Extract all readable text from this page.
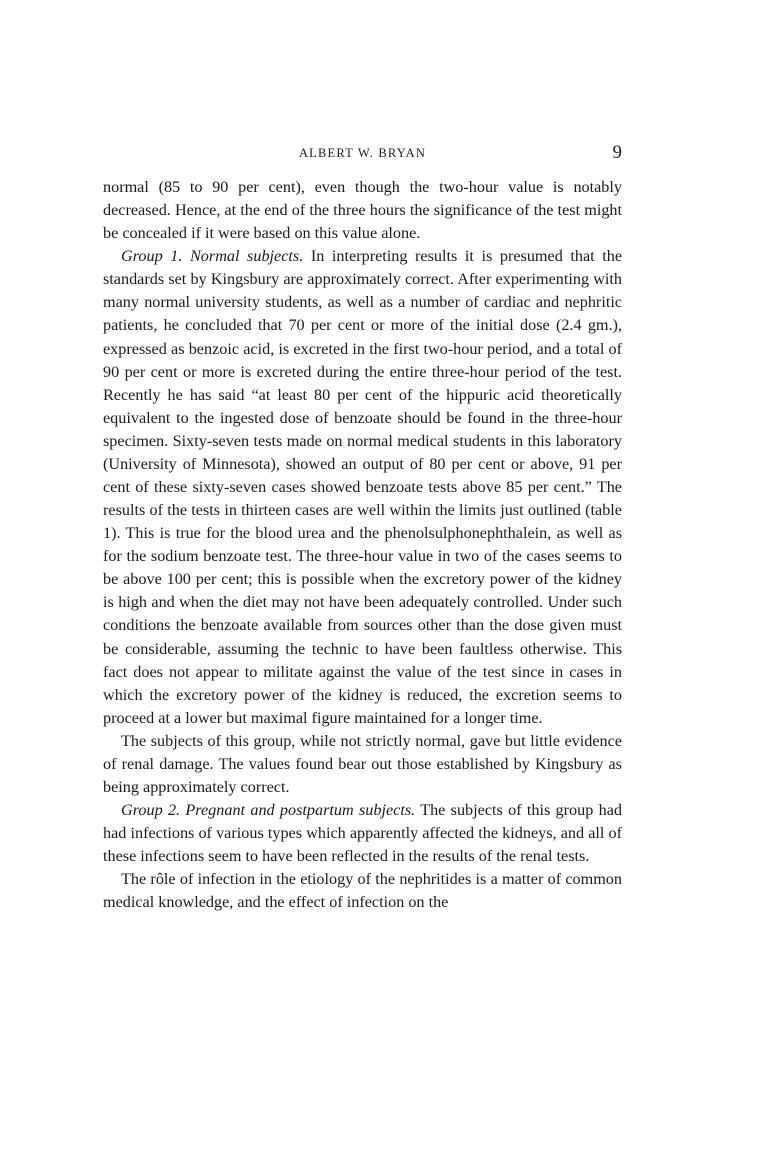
ALBERT W. BRYAN	9

normal (85 to 90 per cent), even though the two-hour value is notably decreased. Hence, at the end of the three hours the significance of the test might be concealed if it were based on this value alone.

Group 1. Normal subjects. In interpreting results it is presumed that the standards set by Kingsbury are approximately correct. After experimenting with many normal university students, as well as a number of cardiac and nephritic patients, he concluded that 70 per cent or more of the initial dose (2.4 gm.), expressed as benzoic acid, is excreted in the first two-hour period, and a total of 90 per cent or more is excreted during the entire three-hour period of the test. Recently he has said “at least 80 per cent of the hippuric acid theoretically equivalent to the ingested dose of benzoate should be found in the three-hour specimen. Sixty-seven tests made on normal medical students in this laboratory (University of Minnesota), showed an output of 80 per cent or above, 91 per cent of these sixty-seven cases showed benzoate tests above 85 per cent.” The results of the tests in thirteen cases are well within the limits just outlined (table 1). This is true for the blood urea and the phenolsulphonephthalein, as well as for the sodium benzoate test. The three-hour value in two of the cases seems to be above 100 per cent; this is possible when the excretory power of the kidney is high and when the diet may not have been adequately controlled. Under such conditions the benzoate available from sources other than the dose given must be considerable, assuming the technic to have been faultless otherwise. This fact does not appear to militate against the value of the test since in cases in which the excretory power of the kidney is reduced, the excretion seems to proceed at a lower but maximal figure maintained for a longer time.

The subjects of this group, while not strictly normal, gave but little evidence of renal damage. The values found bear out those established by Kingsbury as being approximately correct.

Group 2. Pregnant and postpartum subjects. The subjects of this group had had infections of various types which apparently affected the kidneys, and all of these infections seem to have been reflected in the results of the renal tests.

The rôle of infection in the etiology of the nephritides is a matter of common medical knowledge, and the effect of infection on the
